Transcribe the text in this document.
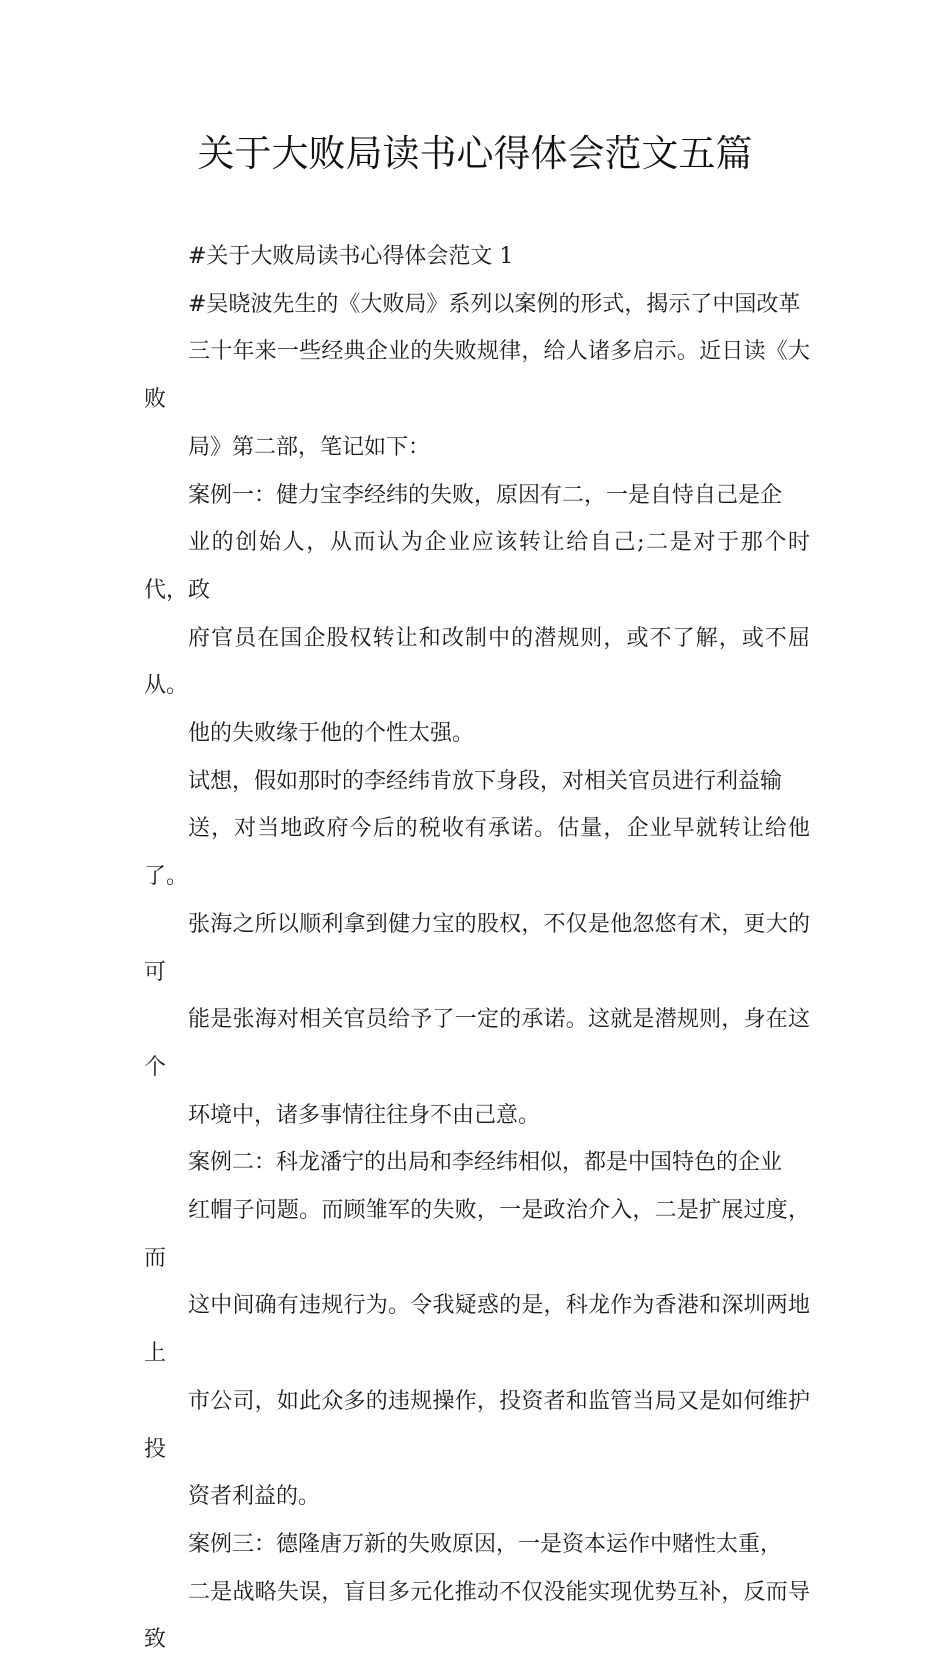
关于大败局读书心得体会范文五篇

#关于大败局读书心得体会范文 1

#吴晓波先生的《大败局》系列以案例的形式，揭示了中国改革
三十年来一些经典企业的失败规律，给人诸多启示。近日读《大败
局》第二部，笔记如下：

案例一：健力宝李经纬的失败，原因有二，一是自恃自己是企
业的创始人，从而认为企业应该转让给自己;二是对于那个时代，政
府官员在国企股权转让和改制中的潜规则，或不了解，或不屈从。
他的失败缘于他的个性太强。

试想，假如那时的李经纬肯放下身段，对相关官员进行利益输
送，对当地政府今后的税收有承诺。估量，企业早就转让给他了。
张海之所以顺利拿到健力宝的股权，不仅是他忽悠有术，更大的可
能是张海对相关官员给予了一定的承诺。这就是潜规则，身在这个
环境中，诸多事情往往身不由己意。

案例二：科龙潘宁的出局和李经纬相似，都是中国特色的企业
红帽子问题。而顾雏军的失败，一是政治介入，二是扩展过度，而
这中间确有违规行为。令我疑惑的是，科龙作为香港和深圳两地上
市公司，如此众多的违规操作，投资者和监管当局又是如何维护投
资者利益的。

案例三：德隆唐万新的失败原因，一是资本运作中赌性太重，
二是战略失误，盲目多元化推动不仅没能实现优势互补，反而导致
